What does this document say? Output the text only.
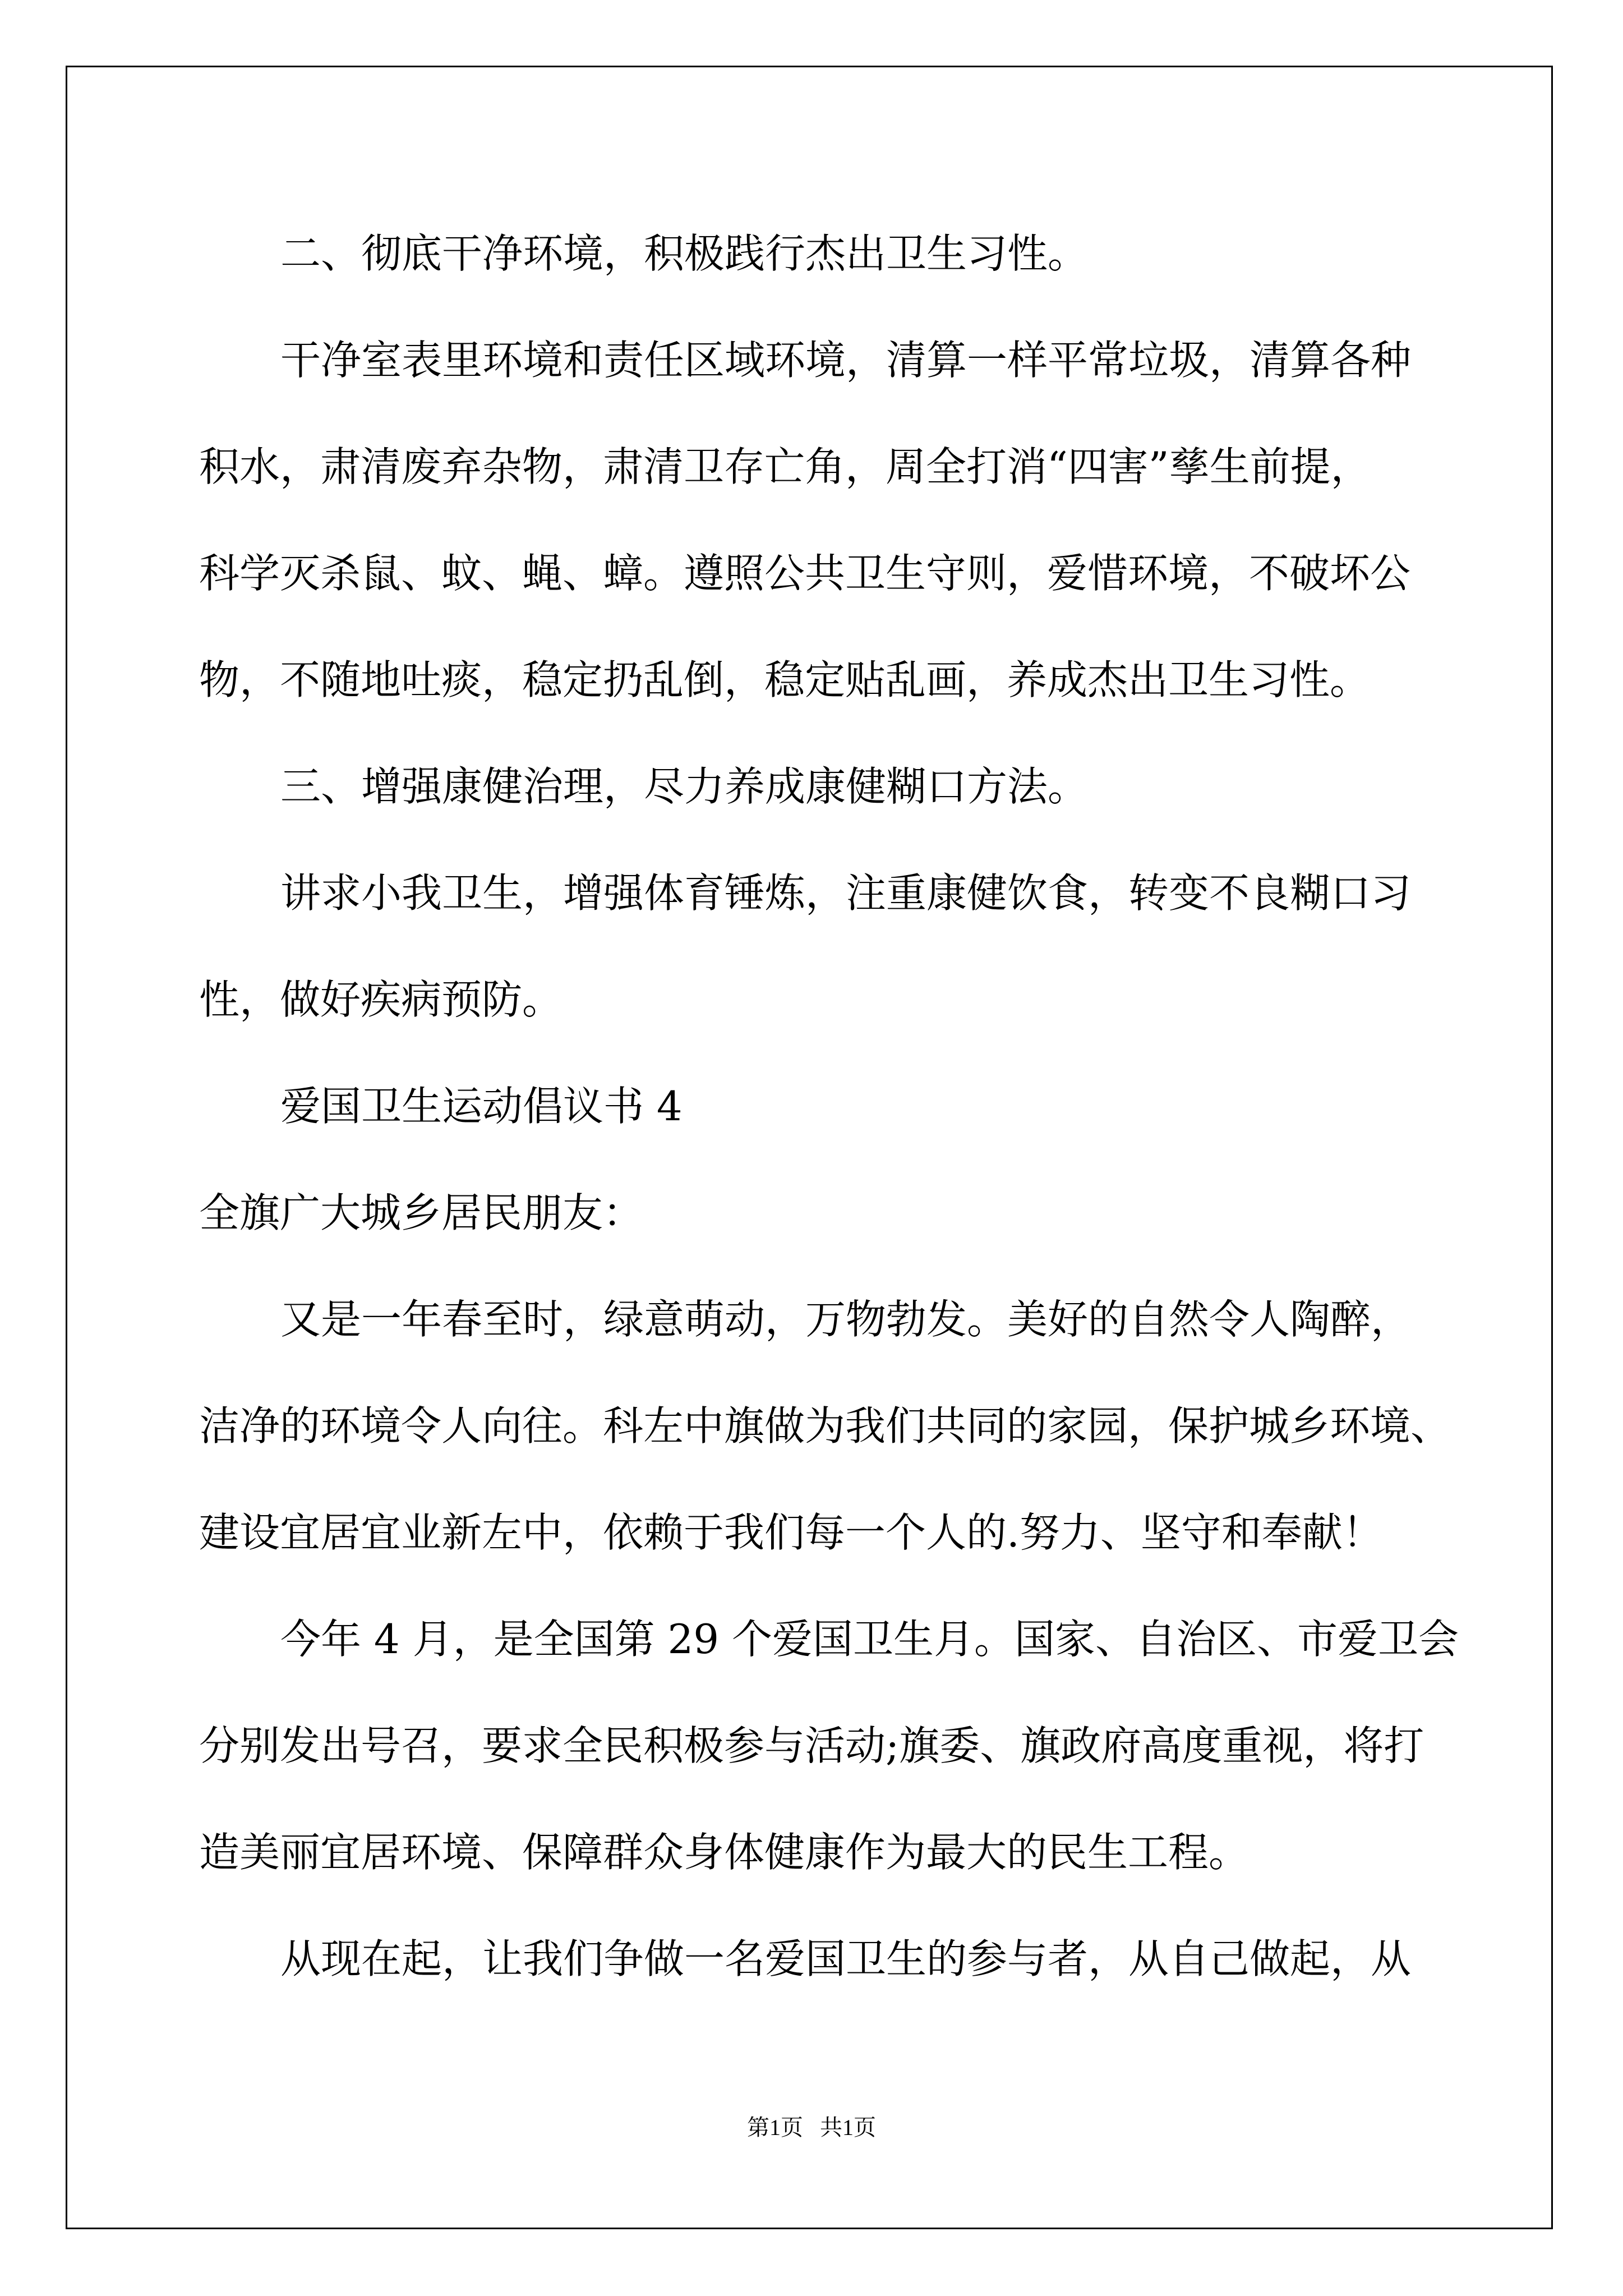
二、彻底干净环境，积极践行杰出卫生习性。
干净室表里环境和责任区域环境，清算一样平常垃圾，清算各种
积水，肃清废弃杂物，肃清卫存亡角，周全打消“四害”孳生前提，
科学灭杀鼠、蚊、蝇、蟑。遵照公共卫生守则，爱惜环境，不破坏公
物，不随地吐痰，稳定扔乱倒，稳定贴乱画，养成杰出卫生习性。
三、增强康健治理，尽力养成康健糊口方法。
讲求小我卫生，增强体育锤炼，注重康健饮食，转变不良糊口习
性，做好疾病预防。
爱国卫生运动倡议书 4
全旗广大城乡居民朋友：
又是一年春至时，绿意萌动，万物勃发。美好的自然令人陶醉，
洁净的环境令人向往。科左中旗做为我们共同的家园，保护城乡环境、
建设宜居宜业新左中，依赖于我们每一个人的.努力、坚守和奉献！
今年 4 月，是全国第 29 个爱国卫生月。国家、自治区、市爱卫会
分别发出号召，要求全民积极参与活动;旗委、旗政府高度重视，将打
造美丽宜居环境、保障群众身体健康作为最大的民生工程。
从现在起，让我们争做一名爱国卫生的参与者，从自己做起，从
第1页   共1页
